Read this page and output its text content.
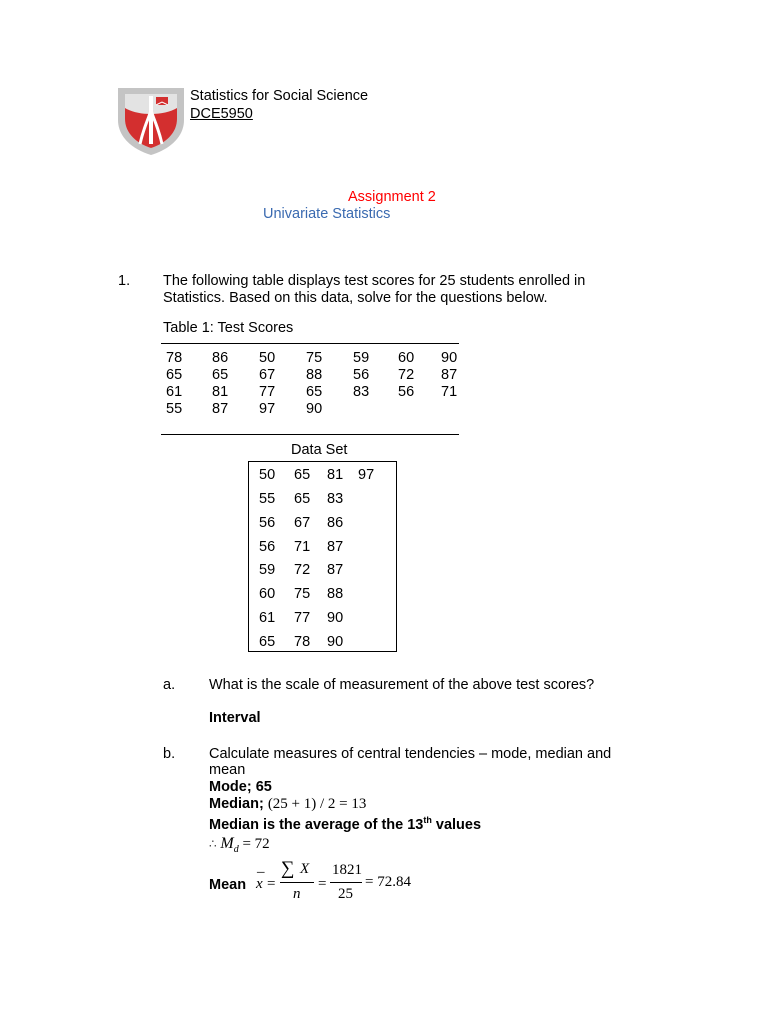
Statistics for Social Science
DCE5950
Assignment 2
Univariate Statistics
1. The following table displays test scores for 25 students enrolled in Statistics. Based on this data, solve for the questions below.
Table 1: Test Scores
78 86 50 75 59 60 90
65 65 67 88 56 72 87
61 81 77 65 83 56 71
55 87 97 90
Data Set
50 65 81 97
55 65 83
56 67 86
56 71 87
59 72 87
60 75 88
61 77 90
65 78 90
a. What is the scale of measurement of the above test scores?
Interval
b. Calculate measures of central tendencies – mode, median and
mean
Mode; 65
Median; (25 + 1) / 2 = 13
Median is the average of the 13th values
∴ $M_d = 72$
Mean
–
x =
∑ X
n
=
1821
25
= 72.84
